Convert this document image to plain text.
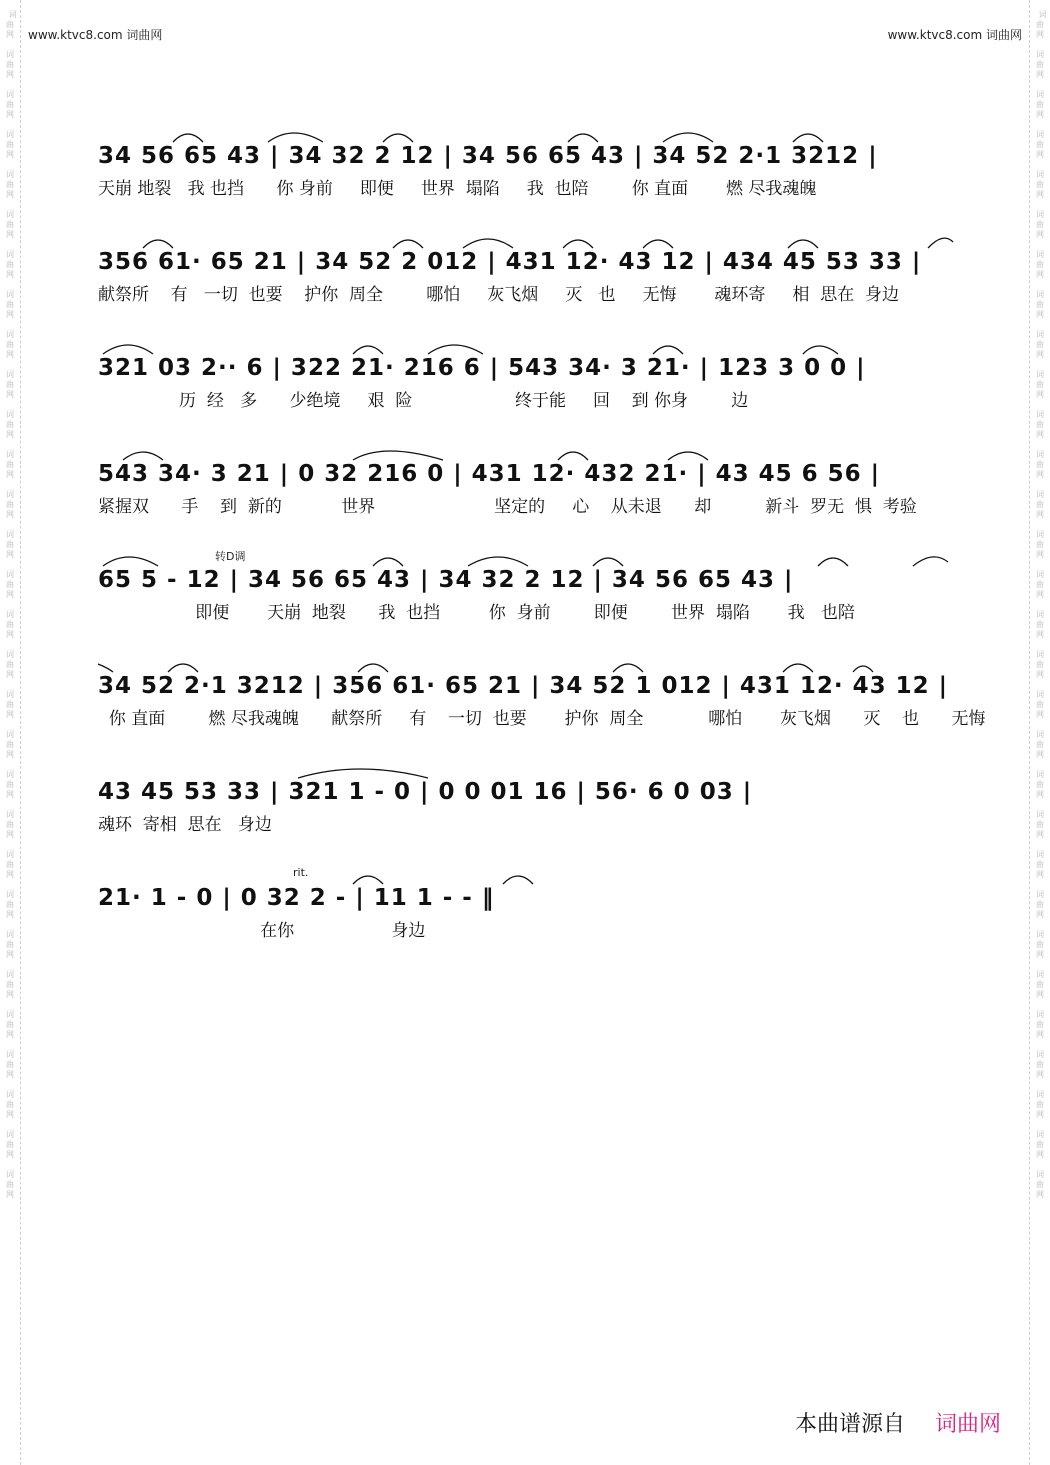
词
曲
网

词
曲
网

词
曲
网

词
曲
网

词
曲
网

词
曲
网

词
曲
网

词
曲
网

词
曲
网

词
曲
网

词
曲
网

词
曲
网

词
曲
网

词
曲
网

词
曲
网

词
曲
网

词
曲
网

词
曲
网

词
曲
网

词
曲
网

词
曲
网

词
曲
网

词
曲
网

词
曲
网

词
曲
网

词
曲
网

词
曲
网

词
曲
网

词
曲
网

词
曲
网

词
曲
网

词
曲
网

词
曲
网

词
曲
网

词
曲
网

词
曲
网

词
曲
网

词
曲
网

词
曲
网

词
曲
网

词
曲
网

词
曲
网

词
曲
网

词
曲
网

词
曲
网

词
曲
网

词
曲
网

词
曲
网

词
曲
网

词
曲
网

词
曲
网

词
曲
网

词
曲
网

词
曲
网

词
曲
网

词
曲
网

词
曲
网

词
曲
网

词
曲
网

词
曲
网

www.ktvc8.com 词曲网	www.ktvc8.com 词曲网
转D调
rit.
34 56 65 43 | 34 32 2 12 | 34 56 65 43 | 34 52 2·1 3212 |
天崩 地裂   我 也挡      你 身前     即便     世界  塌陷     我  也陪        你 直面       燃 尽我魂魄
356 61· 65 21 | 34 52 2 012 | 431 12· 43 12 | 434 45 53 33 |
献祭所    有   一切  也要    护你  周全        哪怕     灰飞烟     灭   也     无悔       魂环寄     相  思在  身边
321 03 2·· 6 | 322 21· 216 6 | 543 34· 3 21· | 123 3 0 0 |
历  经   多      少绝境     艰  险                   终于能     回    到 你身        边
543 34· 3 21 | 0 32 216 0 | 431 12· 432 21· | 43 45 6 56 |
紧握双      手    到  新的           世界                      坚定的     心    从未退      却          新斗  罗无  惧  考验
65 5 - 12 | 34 56 65 43 | 34 32 2 12 | 34 56 65 43 |
即便       天崩  地裂      我  也挡         你  身前        即便        世界  塌陷       我   也陪
34 52 2·1 3212 | 356 61· 65 21 | 34 52 1 012 | 431 12· 43 12 |
你 直面        燃 尽我魂魄      献祭所     有    一切  也要       护你  周全            哪怕       灰飞烟      灭    也      无悔
43 45 53 33 | 321 1 - 0 | 0 0 01 16 | 56· 6 0 03 |
魂环  寄相  思在   身边
21· 1 - 0 | 0 32 2 - | 11 1 - - ‖
在你                  身边
本曲谱源自 词曲网
